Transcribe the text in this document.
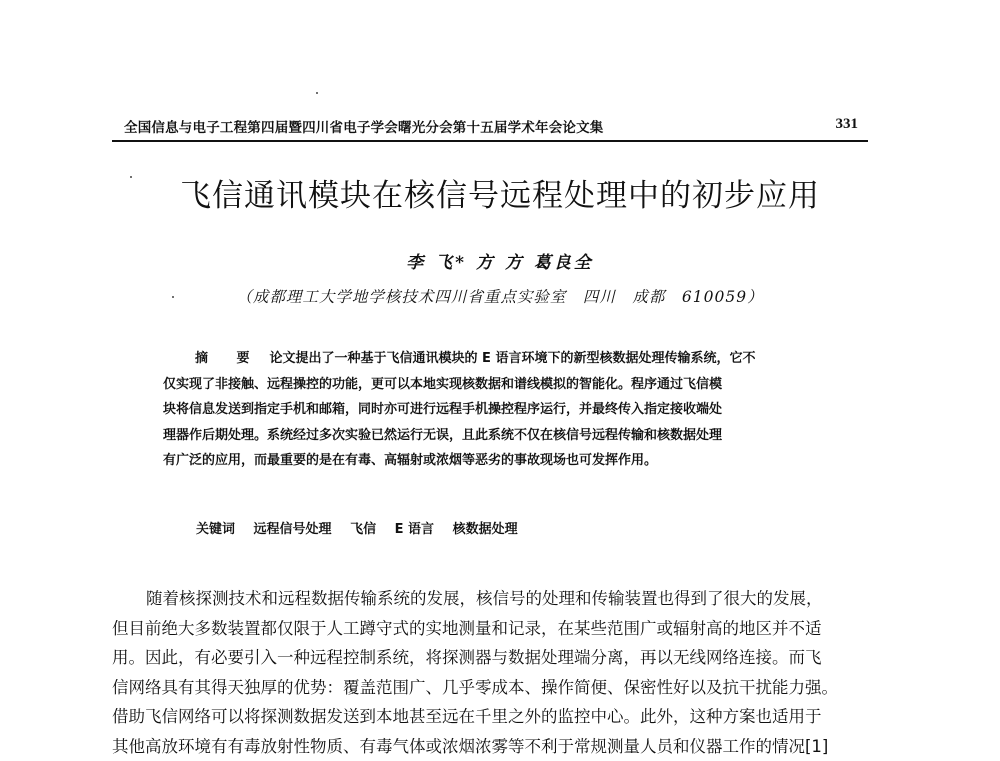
全国信息与电子工程第四届暨四川省电子学会曙光分会第十五届学术年会论文集	331
飞信通讯模块在核信号远程处理中的初步应用
李 飞* 方 方 葛良全
（成都理工大学地学核技术四川省重点实验室　四川　成都　610059）
摘 要 论文提出了一种基于飞信通讯模块的 E 语言环境下的新型核数据处理传输系统，它不
仅实现了非接触、远程操控的功能，更可以本地实现核数据和谱线模拟的智能化。程序通过飞信模
块将信息发送到指定手机和邮箱，同时亦可进行远程手机操控程序运行，并最终传入指定接收端处
理器作后期处理。系统经过多次实验已然运行无误，且此系统不仅在核信号远程传输和核数据处理
有广泛的应用，而最重要的是在有毒、高辐射或浓烟等恶劣的事故现场也可发挥作用。
关键词 远程信号处理 飞信 E 语言 核数据处理
随着核探测技术和远程数据传输系统的发展，核信号的处理和传输装置也得到了很大的发展，
但目前绝大多数装置都仅限于人工蹲守式的实地测量和记录，在某些范围广或辐射高的地区并不适
用。因此，有必要引入一种远程控制系统，将探测器与数据处理端分离，再以无线网络连接。而飞
信网络具有其得天独厚的优势：覆盖范围广、几乎零成本、操作简便、保密性好以及抗干扰能力强。
借助飞信网络可以将探测数据发送到本地甚至远在千里之外的监控中心。此外，这种方案也适用于
其他高放环境有有毒放射性物质、有毒气体或浓烟浓雾等不利于常规测量人员和仪器工作的情况[1]
